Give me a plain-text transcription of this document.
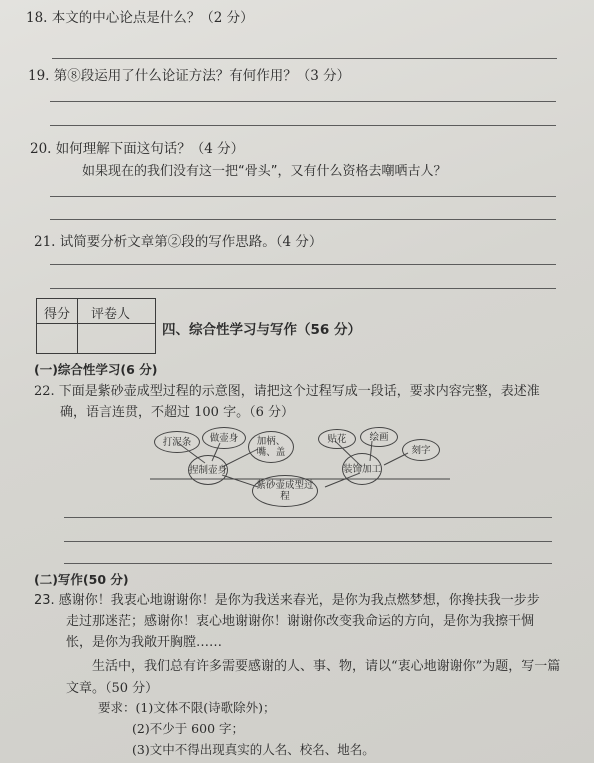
18. 本文的中心论点是什么？（2 分）
19. 第⑧段运用了什么论证方法？有何作用？（3 分）
20. 如何理解下面这句话？（4 分）
如果现在的我们没有这一把“骨头”，又有什么资格去嘲哂古人？
21. 试简要分析文章第②段的写作思路。（4 分）
得分 评卷人
四、综合性学习与写作（56 分）
(一)综合性学习(6 分)
22. 下面是紫砂壶成型过程的示意图，请把这个过程写成一段话，要求内容完整，表述准
确，语言连贯，不超过 100 字。（6 分）
打泥条	做壶身	加柄、嘴、盖
捏制壶身
紫砂壶成型过程
贴花	绘画
刻字
装饰加工
(二)写作(50 分)
23. 感谢你！我衷心地谢谢你！是你为我送来春光，是你为我点燃梦想，你搀扶我一步步
走过那迷茫；感谢你！衷心地谢谢你！谢谢你改变我命运的方向，是你为我擦干惆
怅，是你为我敞开胸膛……
生活中，我们总有许多需要感谢的人、事、物，请以“衷心地谢谢你”为题，写一篇
文章。（50 分）
要求：(1)文体不限(诗歌除外)；
(2)不少于 600 字；
(3)文中不得出现真实的人名、校名、地名。
